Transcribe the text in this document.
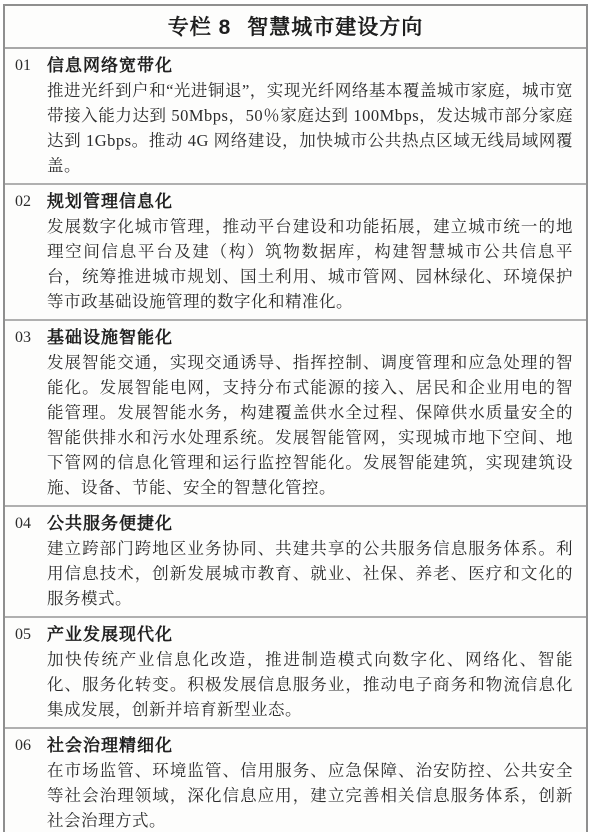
专栏 8 智慧城市建设方向
01 信息网络宽带化

推进光纤到户和“光进铜退”，实现光纤网络基本覆盖城市家庭，城市宽带接入能力达到 50Mbps，50％家庭达到 100Mbps，发达城市部分家庭达到 1Gbps。推动 4G 网络建设，加快城市公共热点区域无线局域网覆盖。

02 规划管理信息化

发展数字化城市管理，推动平台建设和功能拓展，建立城市统一的地理空间信息平台及建（构）筑物数据库，构建智慧城市公共信息平台，统筹推进城市规划、国土利用、城市管网、园林绿化、环境保护等市政基础设施管理的数字化和精准化。

03 基础设施智能化

发展智能交通，实现交通诱导、指挥控制、调度管理和应急处理的智能化。发展智能电网，支持分布式能源的接入、居民和企业用电的智能管理。发展智能水务，构建覆盖供水全过程、保障供水质量安全的智能供排水和污水处理系统。发展智能管网，实现城市地下空间、地下管网的信息化管理和运行监控智能化。发展智能建筑，实现建筑设施、设备、节能、安全的智慧化管控。

04 公共服务便捷化

建立跨部门跨地区业务协同、共建共享的公共服务信息服务体系。利用信息技术，创新发展城市教育、就业、社保、养老、医疗和文化的服务模式。

05 产业发展现代化

加快传统产业信息化改造，推进制造模式向数字化、网络化、智能化、服务化转变。积极发展信息服务业，推动电子商务和物流信息化集成发展，创新并培育新型业态。

06 社会治理精细化

在市场监管、环境监管、信用服务、应急保障、治安防控、公共安全等社会治理领域，深化信息应用，建立完善相关信息服务体系，创新社会治理方式。
